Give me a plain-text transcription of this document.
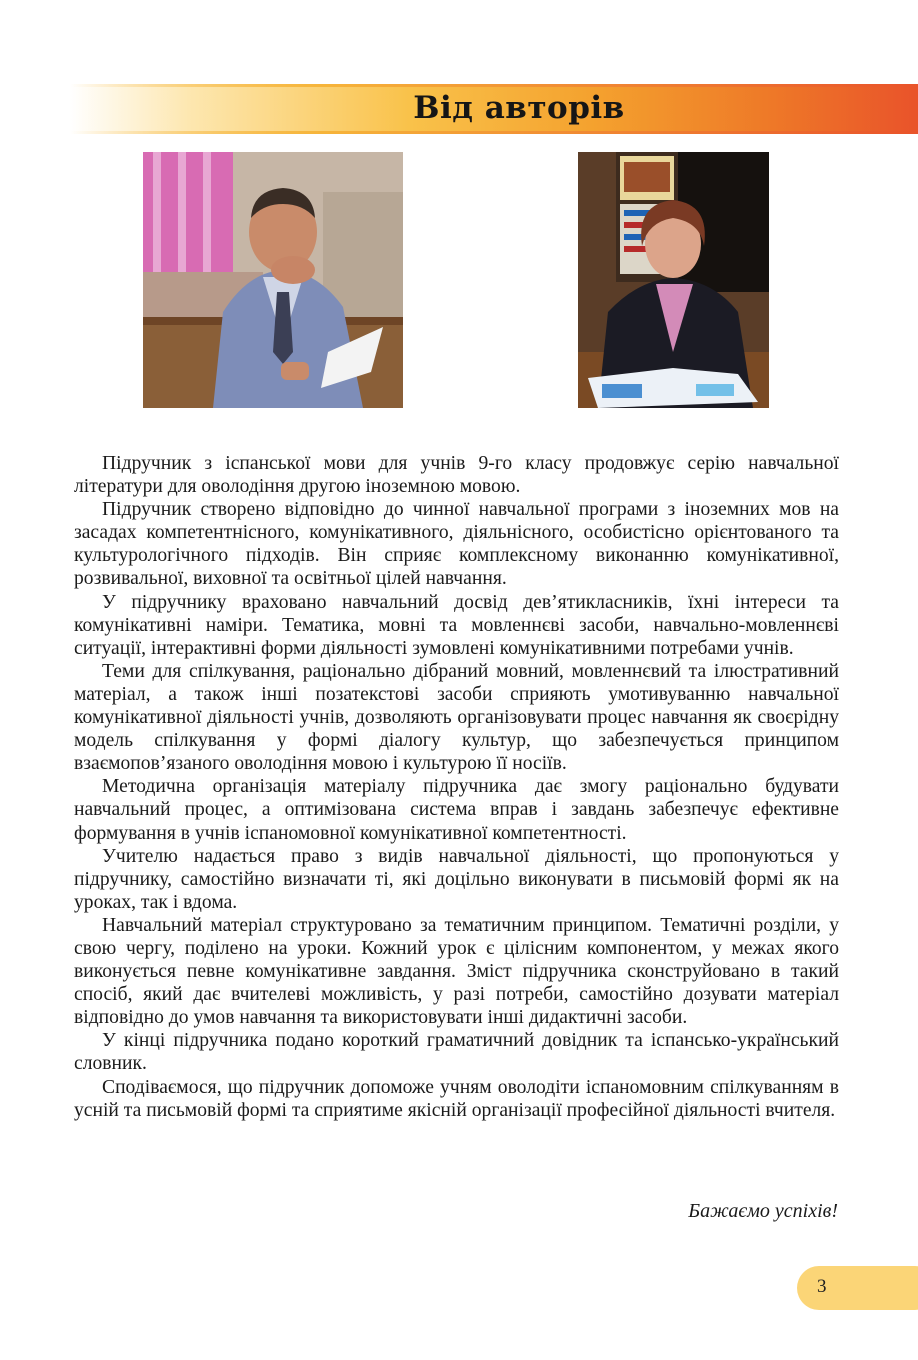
Від авторів

Підручник з іспанської мови для учнів 9-го класу продовжує серію навчальної літератури для оволодіння другою іноземною мовою.

Підручник створено відповідно до чинної навчальної програми з іноземних мов на засадах компетентнісного, комунікативного, діяльнісного, особистісно орієнтованого та культурологічного підходів. Він сприяє комплексному виконанню комунікативної, розвивальної, виховної та освітньої цілей навчання.

У підручнику враховано навчальний досвід дев’ятикласників, їхні інтереси та комунікативні наміри. Тематика, мовні та мовленнєві засоби, навчально-мовленнєві ситуації, інтерактивні форми діяльності зумовлені комунікативними потребами учнів.

Теми для спілкування, раціонально дібраний мовний, мовленнєвий та ілюстративний матеріал, а також інші позатекстові засоби сприяють умотивуванню навчальної комунікативної діяльності учнів, дозволяють організовувати процес навчання як своєрідну модель спілкування у формі діалогу культур, що забезпечується принципом взаємопов’язаного оволодіння мовою і культурою її носіїв.

Методична організація матеріалу підручника дає змогу раціонально будувати навчальний процес, а оптимізована система вправ і завдань забезпечує ефективне формування в учнів іспаномовної комунікативної компетентності.

Учителю надається право з видів навчальної діяльності, що пропонуються у підручнику, самостійно визначати ті, які доцільно виконувати в письмовій формі як на уроках, так і вдома.

Навчальний матеріал структуровано за тематичним принципом. Тематичні розділи, у свою чергу, поділено на уроки. Кожний урок є цілісним компонентом, у межах якого виконується певне комунікативне завдання. Зміст підручника сконструйовано в такий спосіб, який дає вчителеві можливість, у разі потреби, самостійно дозувати матеріал відповідно до умов навчання та використовувати інші дидактичні засоби.

У кінці підручника подано короткий граматичний довідник та іспансько-український словник.

Сподіваємося, що підручник допоможе учням оволодіти іспаномовним спілкуванням в усній та письмовій формі та сприятиме якісній організації професійної діяльності вчителя.

Бажаємо успіхів!
3
